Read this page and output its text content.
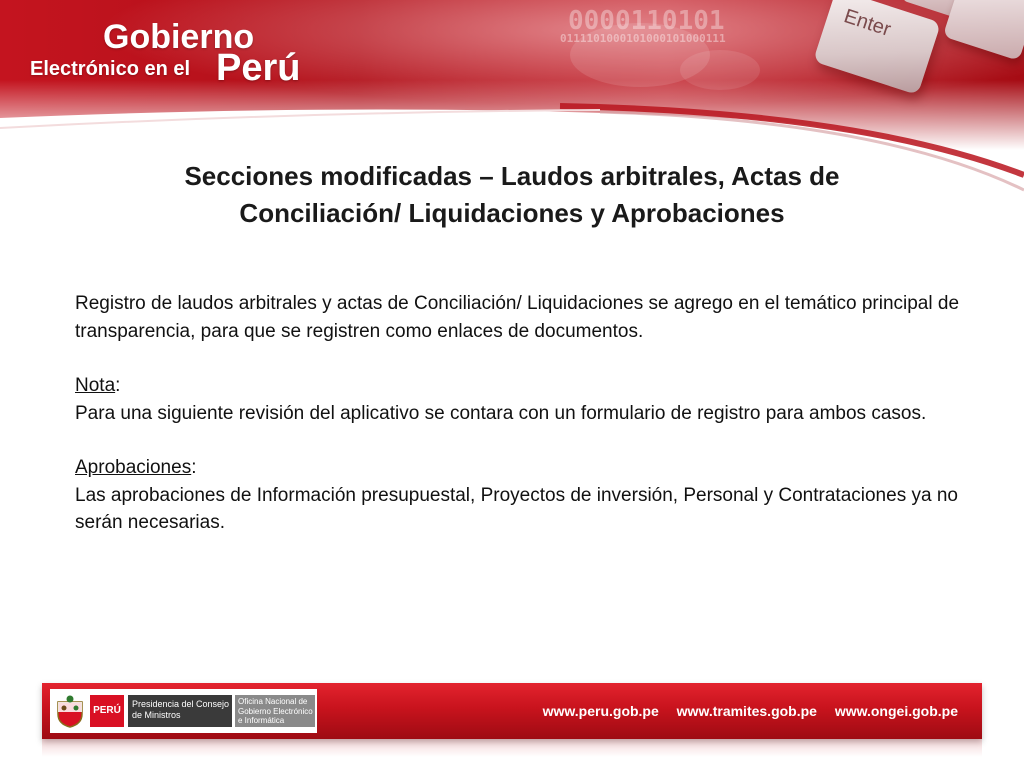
0000110101
0111101000101000101000111	Enter
Gobierno
Electrónico en el Perú
Secciones modificadas – Laudos arbitrales, Actas de
Conciliación/ Liquidaciones y Aprobaciones

Registro de laudos arbitrales y actas de Conciliación/ Liquidaciones se agrego en el temático principal de transparencia, para que se registren como enlaces de documentos.

Nota:

Para una siguiente revisión del aplicativo se contara con un formulario de registro para ambos casos.

Aprobaciones:

Las aprobaciones de Información presupuestal, Proyectos de inversión, Personal y Contrataciones ya no serán necesarias.

PERÚ
Presidencia del Consejo de Ministros
Oficina Nacional de Gobierno Electrónico e Informática
www.peru.gob.pe www.tramites.gob.pe www.ongei.gob.pe
